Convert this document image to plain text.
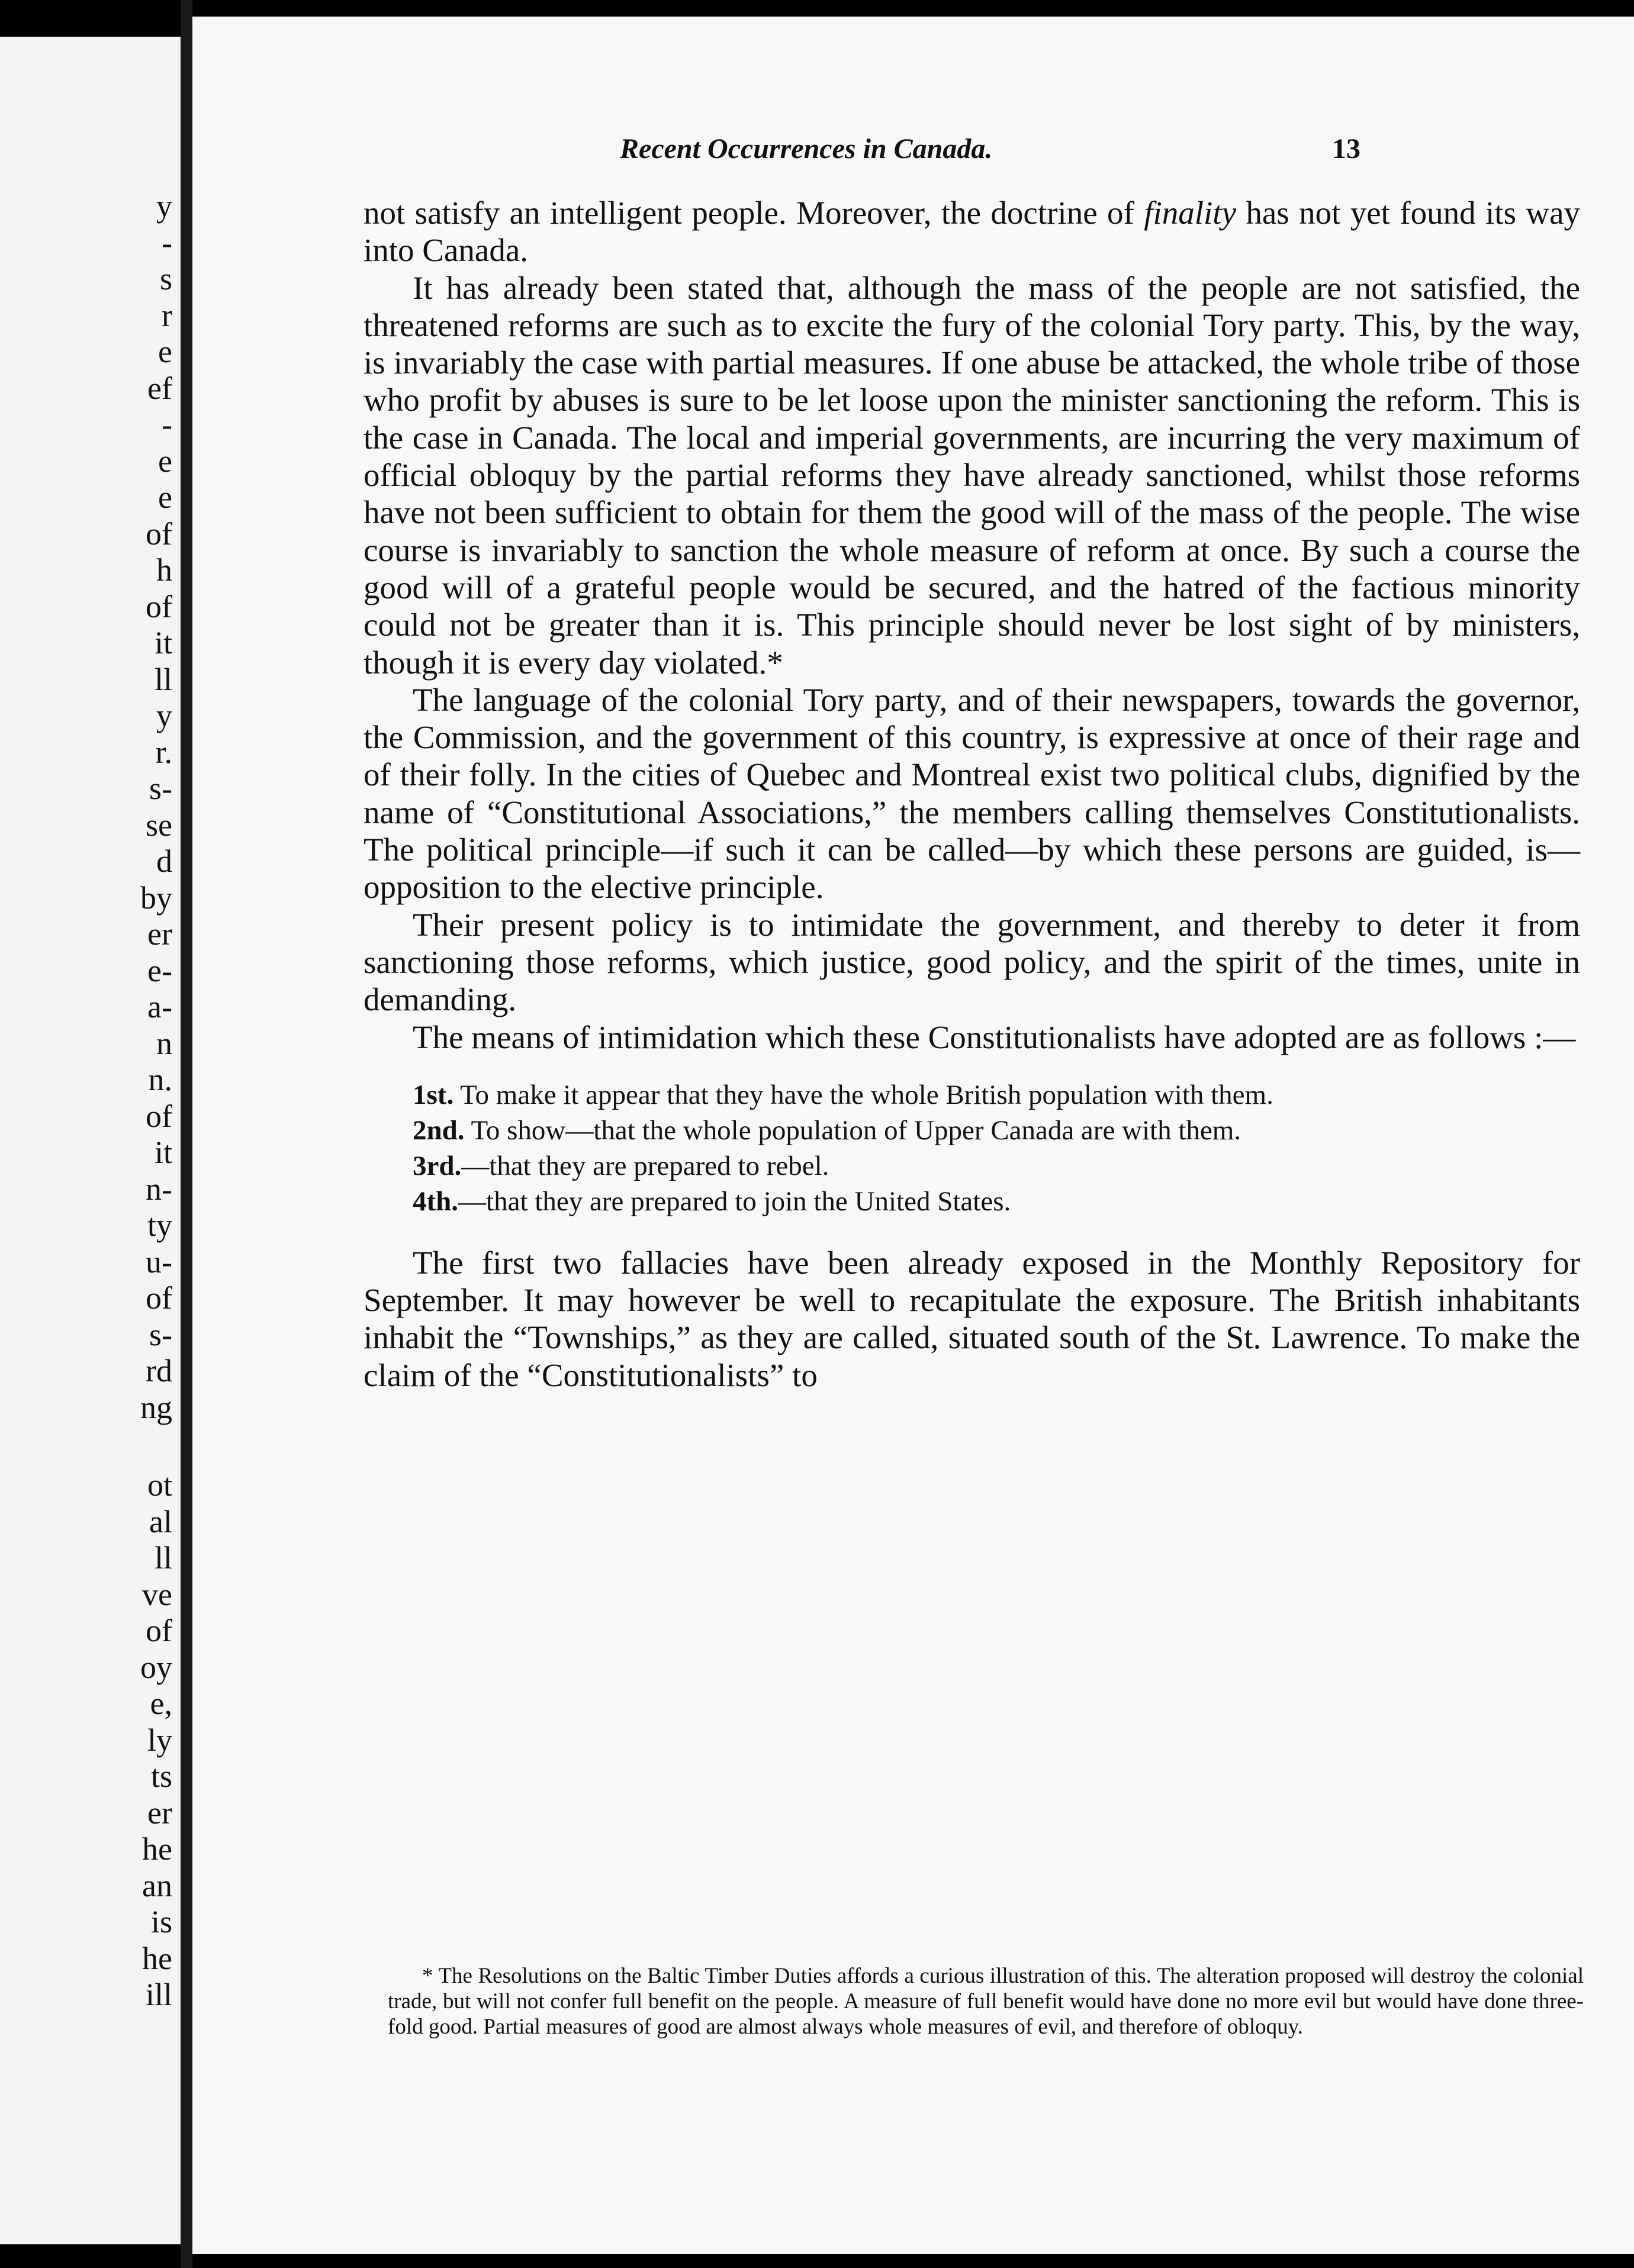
y
-
s
r
e
ef
-
e
e
of
h
of
it
ll
y
r.
s-
se
d
by
er
e-
a-
n
n.
of
it
n-
ty
u-
of
s-
rd
ng
ot
al
ll
ve
of
oy
e,
ly
ts
er
he
an
is
he
ill
Recent Occurrences in Canada.	13

not satisfy an intelligent people. Moreover, the doctrine of finality has not yet found its way into Canada.

It has already been stated that, although the mass of the people are not satisfied, the threatened reforms are such as to excite the fury of the colonial Tory party. This, by the way, is invariably the case with partial measures. If one abuse be attacked, the whole tribe of those who profit by abuses is sure to be let loose upon the minister sanctioning the reform. This is the case in Canada. The local and imperial governments, are incurring the very maximum of official obloquy by the partial reforms they have already sanctioned, whilst those reforms have not been sufficient to obtain for them the good will of the mass of the people. The wise course is invariably to sanction the whole measure of reform at once. By such a course the good will of a grateful people would be secured, and the hatred of the factious minority could not be greater than it is. This principle should never be lost sight of by ministers, though it is every day violated.*

The language of the colonial Tory party, and of their newspapers, towards the governor, the Commission, and the government of this country, is expressive at once of their rage and of their folly. In the cities of Quebec and Montreal exist two political clubs, dignified by the name of “Constitutional Associations,” the members calling themselves Constitutionalists. The political principle—if such it can be called—by which these persons are guided, is—opposition to the elective principle.

Their present policy is to intimidate the government, and thereby to deter it from sanctioning those reforms, which justice, good policy, and the spirit of the times, unite in demanding.

The means of intimidation which these Constitutionalists have adopted are as follows :—

1st. To make it appear that they have the whole British population with them.

2nd. To show—that the whole population of Upper Canada are with them.

3rd.—that they are prepared to rebel.

4th.—that they are prepared to join the United States.

The first two fallacies have been already exposed in the Monthly Repository for September. It may however be well to recapitulate the exposure. The British inhabitants inhabit the “Townships,” as they are called, situated south of the St. Lawrence. To make the claim of the “Constitutionalists” to

* The Resolutions on the Baltic Timber Duties affords a curious illustration of this. The alteration proposed will destroy the colonial trade, but will not confer full benefit on the people. A measure of full benefit would have done no more evil but would have done three-fold good. Partial measures of good are almost always whole measures of evil, and therefore of obloquy.
